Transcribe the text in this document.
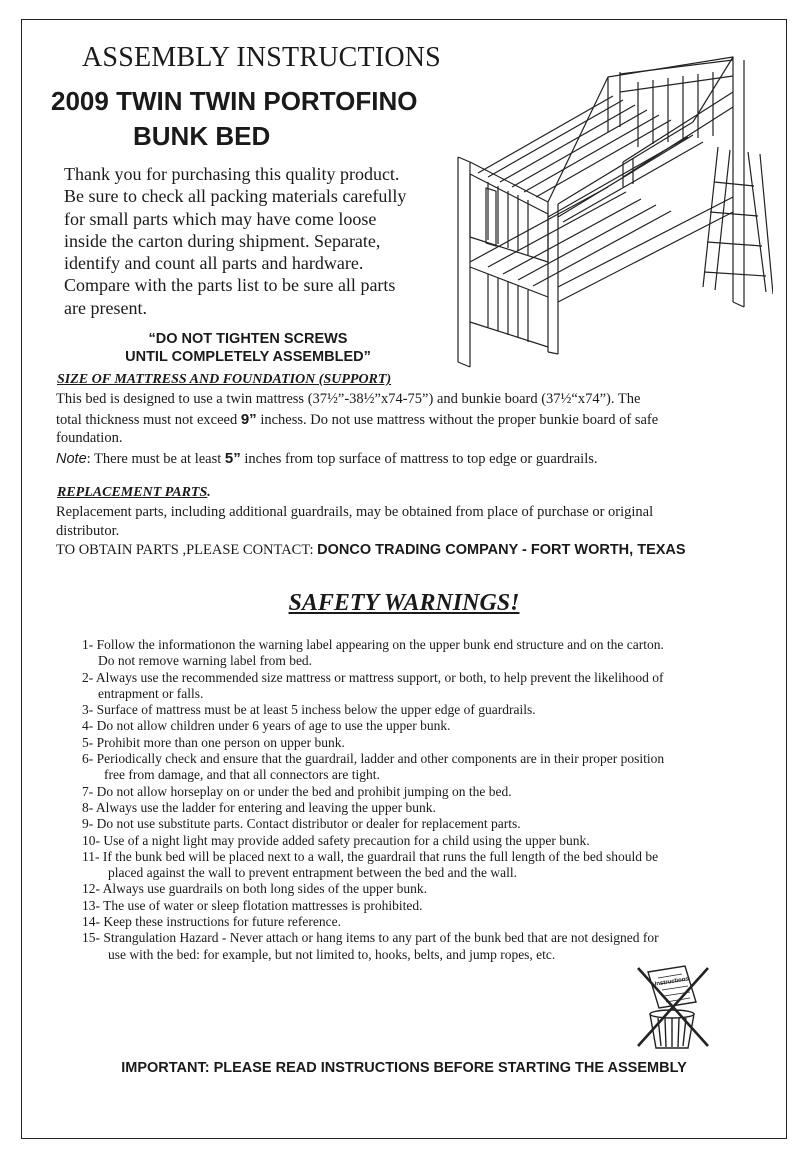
ASSEMBLY INSTRUCTIONS
2009 TWIN TWIN PORTOFINO
BUNK BED
Thank you for purchasing this quality product.
Be sure to check all packing materials carefully
for small parts which may have come loose
inside the carton during shipment. Separate,
identify and count all parts and hardware.
Compare with the parts list to be sure all parts
are present.
“DO NOT TIGHTEN SCREWS
UNTIL COMPLETELY ASSEMBLED”
SIZE OF MATTRESS AND FOUNDATION (SUPPORT)
This bed is designed to use a twin mattress (37½”-38½”x74-75”) and bunkie board (37½“x74”). The
total thickness must not exceed 9” inchess. Do not use mattress without the proper bunkie board of safe
foundation.
Note: There must be at least 5” inches from top surface of mattress to top edge or guardrails.
REPLACEMENT PARTS.
Replacement parts, including additional guardrails, may be obtained from place of purchase or original
distributor.
TO OBTAIN PARTS ,PLEASE CONTACT: DONCO TRADING COMPANY - FORT WORTH, TEXAS
SAFETY WARNINGS!
1- Follow the informationon the warning label appearing on the upper bunk end structure and on the carton.
Do not remove warning label from bed.
2- Always use the recommended size mattress or mattress support, or both, to help prevent the likelihood of
entrapment or falls.
3- Surface of mattress must be at least 5 inchess below the upper edge of guardrails.
4- Do not allow children under 6 years of age to use the upper bunk.
5- Prohibit more than one person on upper bunk.
6- Periodically check and ensure that the guardrail, ladder and other components are in their proper position
free from damage, and that all connectors are tight.
7- Do not allow horseplay on or under the bed and prohibit jumping on the bed.
8- Always use the ladder for entering and leaving the upper bunk.
9- Do not use substitute parts. Contact distributor or dealer for replacement parts.
10- Use of a night light may provide added safety precaution for a child using the upper bunk.
11- If the bunk bed will be placed next to a wall, the guardrail that runs the full length of the bed should be
placed against the wall to prevent entrapment between the bed and the wall.
12- Always use guardrails on both long sides of the upper bunk.
13- The use of water or sleep flotation mattresses is prohibited.
14- Keep these instructions for future reference.
15- Strangulation Hazard - Never attach or hang items to any part of the bunk bed that are not designed for
use with the bed: for example, but not limited to, hooks, belts, and jump ropes, etc.
Instructions
IMPORTANT: PLEASE READ INSTRUCTIONS BEFORE STARTING THE ASSEMBLY
